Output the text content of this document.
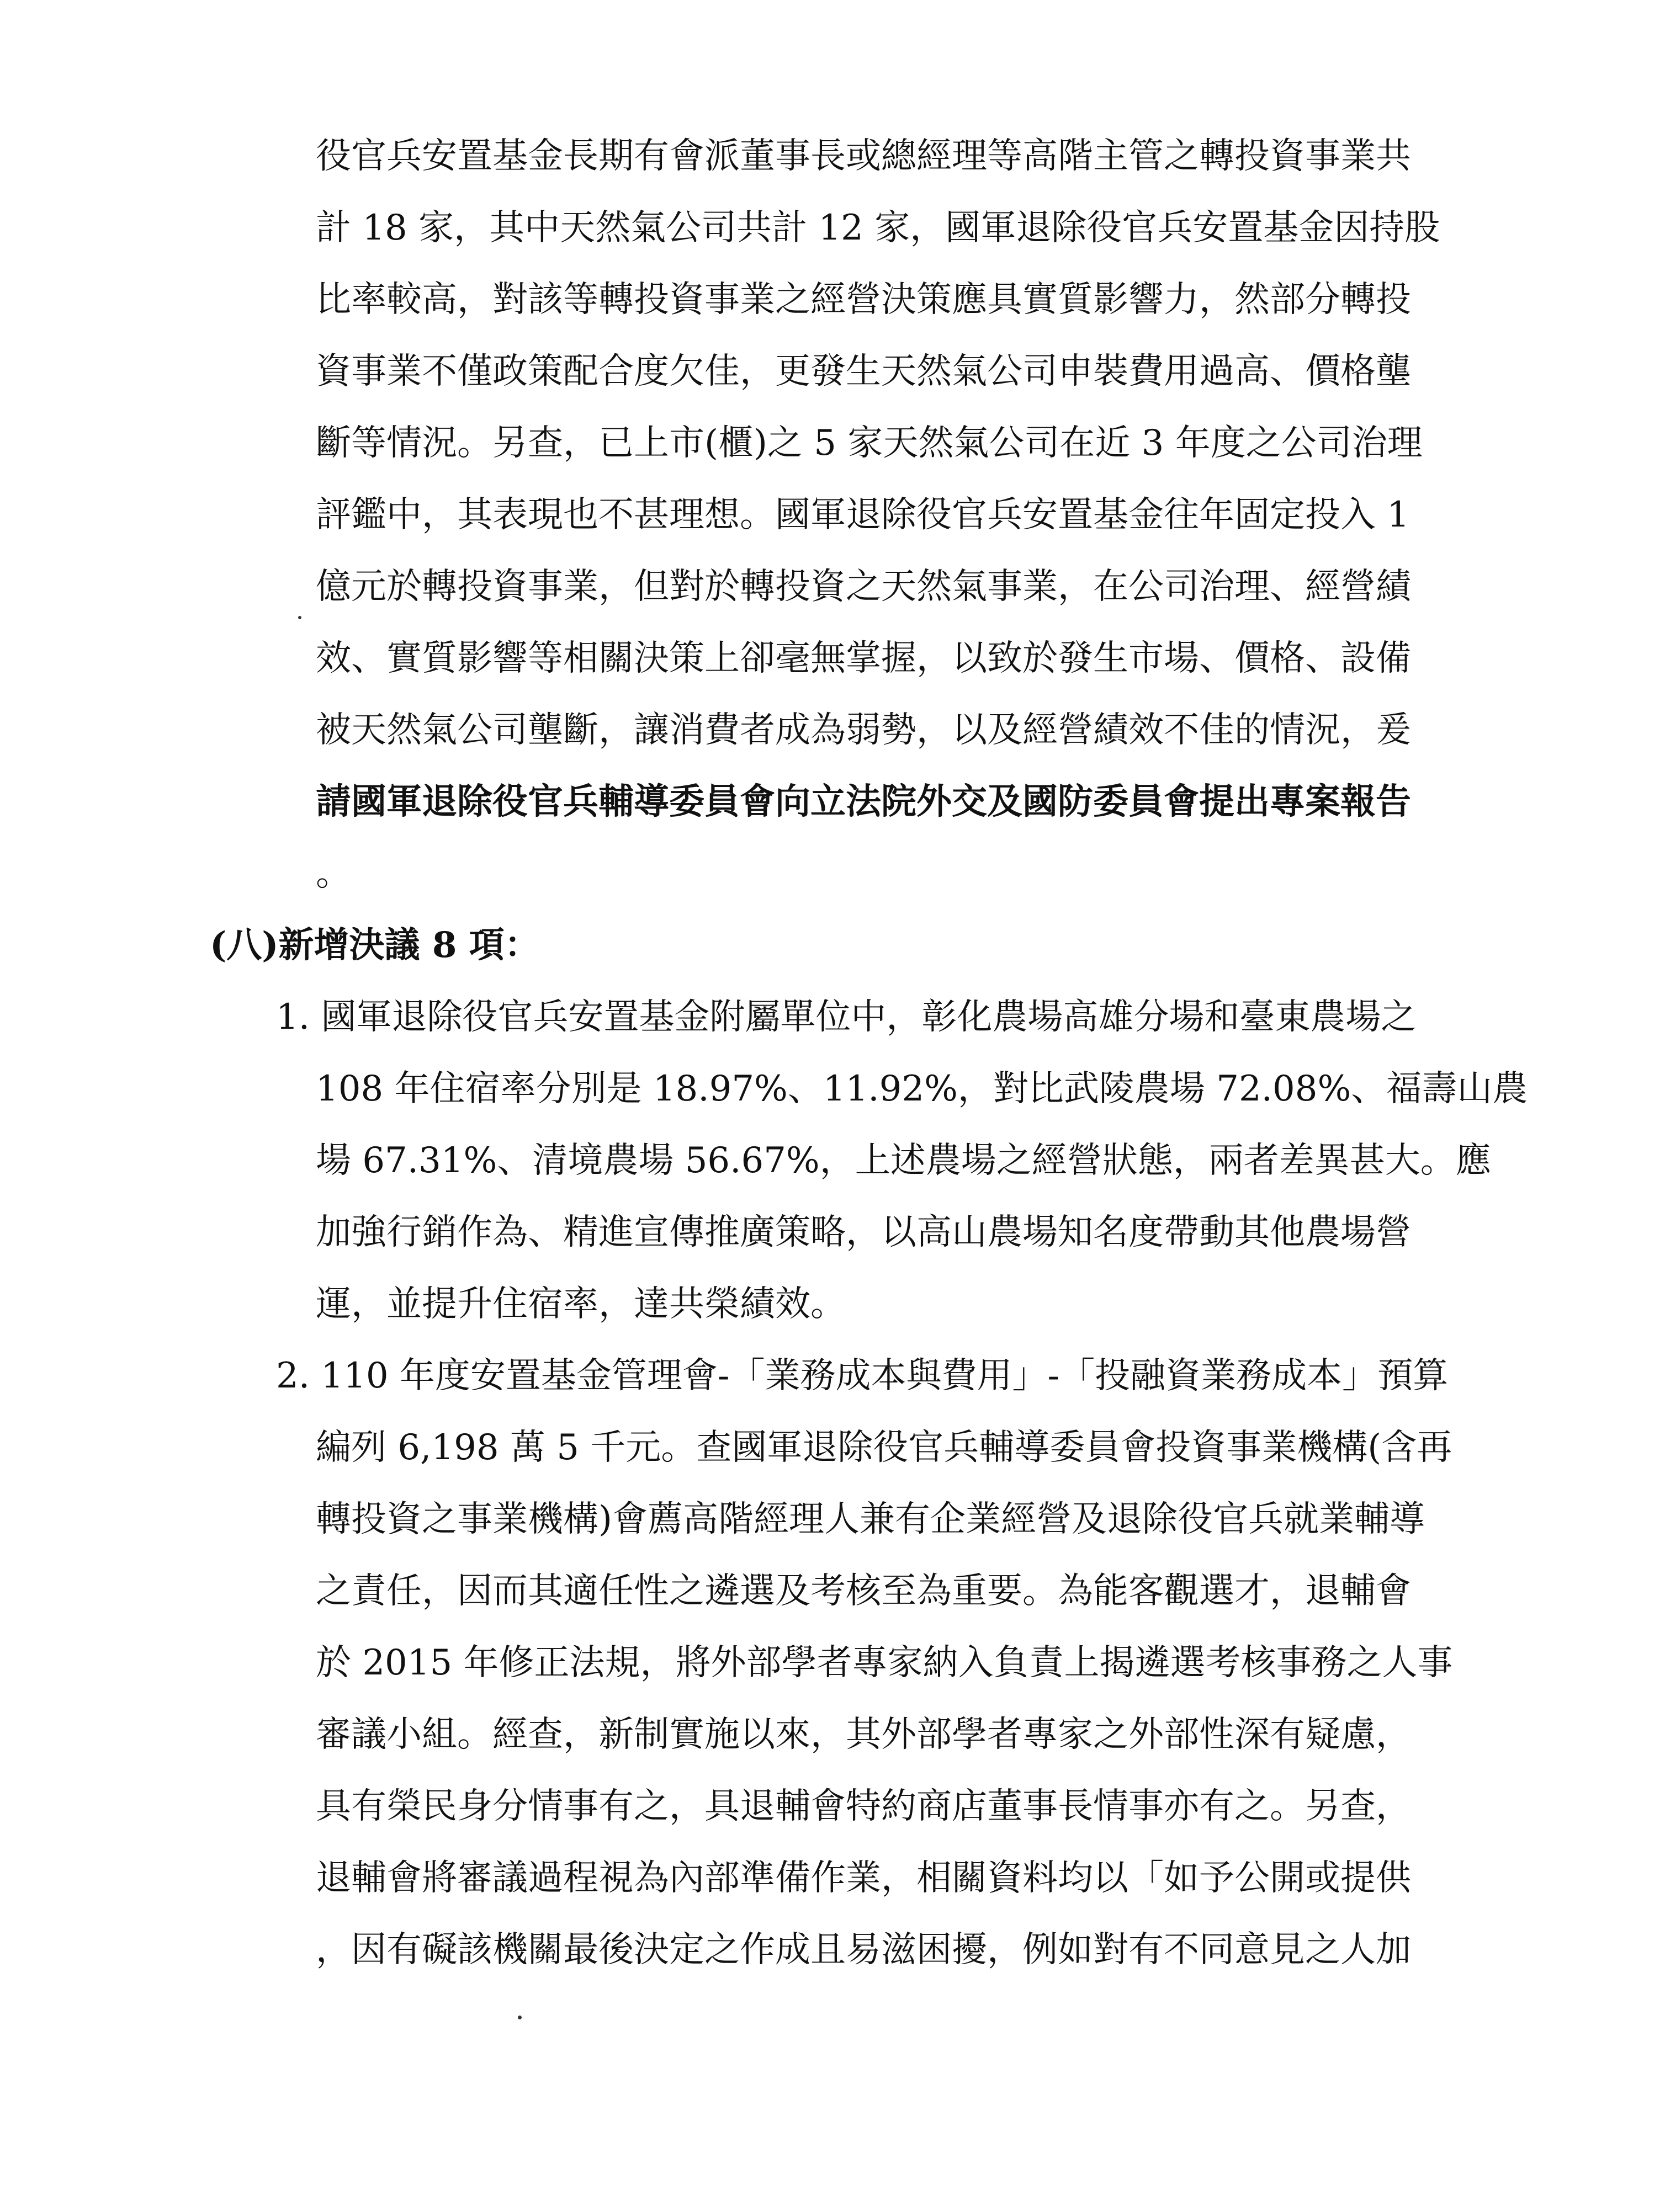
役官兵安置基金長期有會派董事長或總經理等高階主管之轉投資事業共
計 18 家，其中天然氣公司共計 12 家，國軍退除役官兵安置基金因持股
比率較高，對該等轉投資事業之經營決策應具實質影響力，然部分轉投
資事業不僅政策配合度欠佳，更發生天然氣公司申裝費用過高、價格壟
斷等情況。另查，已上市(櫃)之 5 家天然氣公司在近 3 年度之公司治理
評鑑中，其表現也不甚理想。國軍退除役官兵安置基金往年固定投入 1
億元於轉投資事業，但對於轉投資之天然氣事業，在公司治理、經營績
效、實質影響等相關決策上卻毫無掌握，以致於發生市場、價格、設備
被天然氣公司壟斷，讓消費者成為弱勢，以及經營績效不佳的情況，爰
請國軍退除役官兵輔導委員會向立法院外交及國防委員會提出專案報告
。
(八)新增決議 8 項：
1. 國軍退除役官兵安置基金附屬單位中，彰化農場高雄分場和臺東農場之
108 年住宿率分別是 18.97%、11.92%，對比武陵農場 72.08%、福壽山農
場 67.31%、清境農場 56.67%，上述農場之經營狀態，兩者差異甚大。應
加強行銷作為、精進宣傳推廣策略，以高山農場知名度帶動其他農場營
運，並提升住宿率，達共榮績效。
2. 110 年度安置基金管理會-「業務成本與費用」-「投融資業務成本」預算
編列 6,198 萬 5 千元。查國軍退除役官兵輔導委員會投資事業機構(含再
轉投資之事業機構)會薦高階經理人兼有企業經營及退除役官兵就業輔導
之責任，因而其適任性之遴選及考核至為重要。為能客觀選才，退輔會
於 2015 年修正法規，將外部學者專家納入負責上揭遴選考核事務之人事
審議小組。經查，新制實施以來，其外部學者專家之外部性深有疑慮，
具有榮民身分情事有之，具退輔會特約商店董事長情事亦有之。另查，
退輔會將審議過程視為內部準備作業，相關資料均以「如予公開或提供
，因有礙該機關最後決定之作成且易滋困擾，例如對有不同意見之人加
